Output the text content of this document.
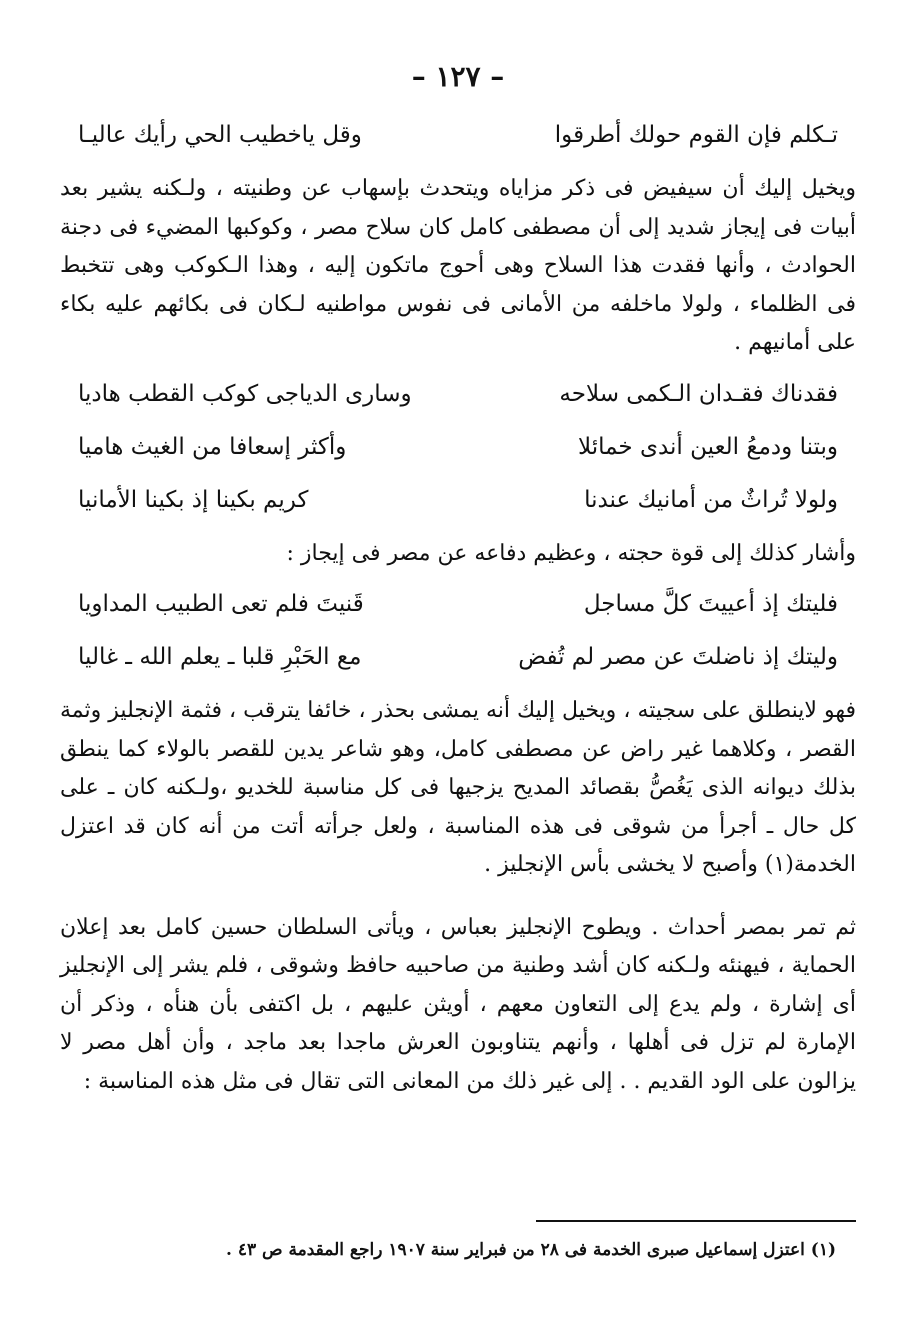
– ١٢٧ –
تـكلم فإن القوم حولك أطرقوا
وقل ياخطيب الحي رأيك عاليـا

ويخيل إليك أن سيفيض فى ذكر مزاياه ويتحدث بإسهاب عن وطنيته ، ولـكنه يشير بعد أبيات فى إيجاز شديد إلى أن مصطفى كامل كان سلاح مصر ، وكوكبها المضيء فى دجنة الحوادث ، وأنها فقدت هذا السلاح وهى أحوج ماتكون إليه ، وهذا الـكوكب وهى تتخبط فى الظلماء ، ولولا ماخلفه من الأمانى فى نفوس مواطنيه لـكان فى بكائهم عليه بكاء على أمانيهم .

فقدناك فقـدان الـكمى سلاحه
وسارى الدياجى كوكب القطب هاديا
وبتنا ودمعُ العين أندى خمائلا
وأكثر إسعافا من الغيث هاميا
ولولا تُراثٌ من أمانيك عندنا
كريم بكينا إذ بكينا الأمانيا

وأشار كذلك إلى قوة حجته ، وعظيم دفاعه عن مصر فى إيجاز :

فليتك إذ أعييتَ كلَّ مساجل
قَنيتَ فلم تعى الطبيب المداويا
وليتك إذ ناضلتَ عن مصر لم تُفض
مع الحَبْرِ قلبا ـ يعلم الله ـ غاليا

فهو لاينطلق على سجيته ، ويخيل إليك أنه يمشى بحذر ، خائفا يترقب ، فثمة الإنجليز وثمة القصر ، وكلاهما غير راض عن مصطفى كامل، وهو شاعر يدين للقصر بالولاء كما ينطق بذلك ديوانه الذى يَغُصُّ بقصائد المديح يزجيها فى كل مناسبة للخديو ،ولـكنه كان ـ على كل حال ـ أجرأ من شوقى فى هذه المناسبة ، ولعل جرأته أتت من أنه كان قد اعتزل الخدمة(١) وأصبح لا يخشى بأس الإنجليز .

ثم تمر بمصر أحداث . ويطوح الإنجليز بعباس ، ويأتى السلطان حسين كامل بعد إعلان الحماية ، فيهنئه ولـكنه كان أشد وطنية من صاحبيه حافظ وشوقى ، فلم يشر إلى الإنجليز أى إشارة ، ولم يدع إلى التعاون معهم ، أويثن عليهم ، بل اكتفى بأن هنأه ، وذكر أن الإمارة لم تزل فى أهلها ، وأنهم يتناوبون العرش ماجدا بعد ماجد ، وأن أهل مصر لا يزالون على الود القديم . . إلى غير ذلك من المعانى التى تقال فى مثل هذه المناسبة :

(١) اعتزل إسماعيل صبرى الخدمة فى ٢٨ من فبراير سنة ١٩٠٧ راجع المقدمة ص ٤٣ .
